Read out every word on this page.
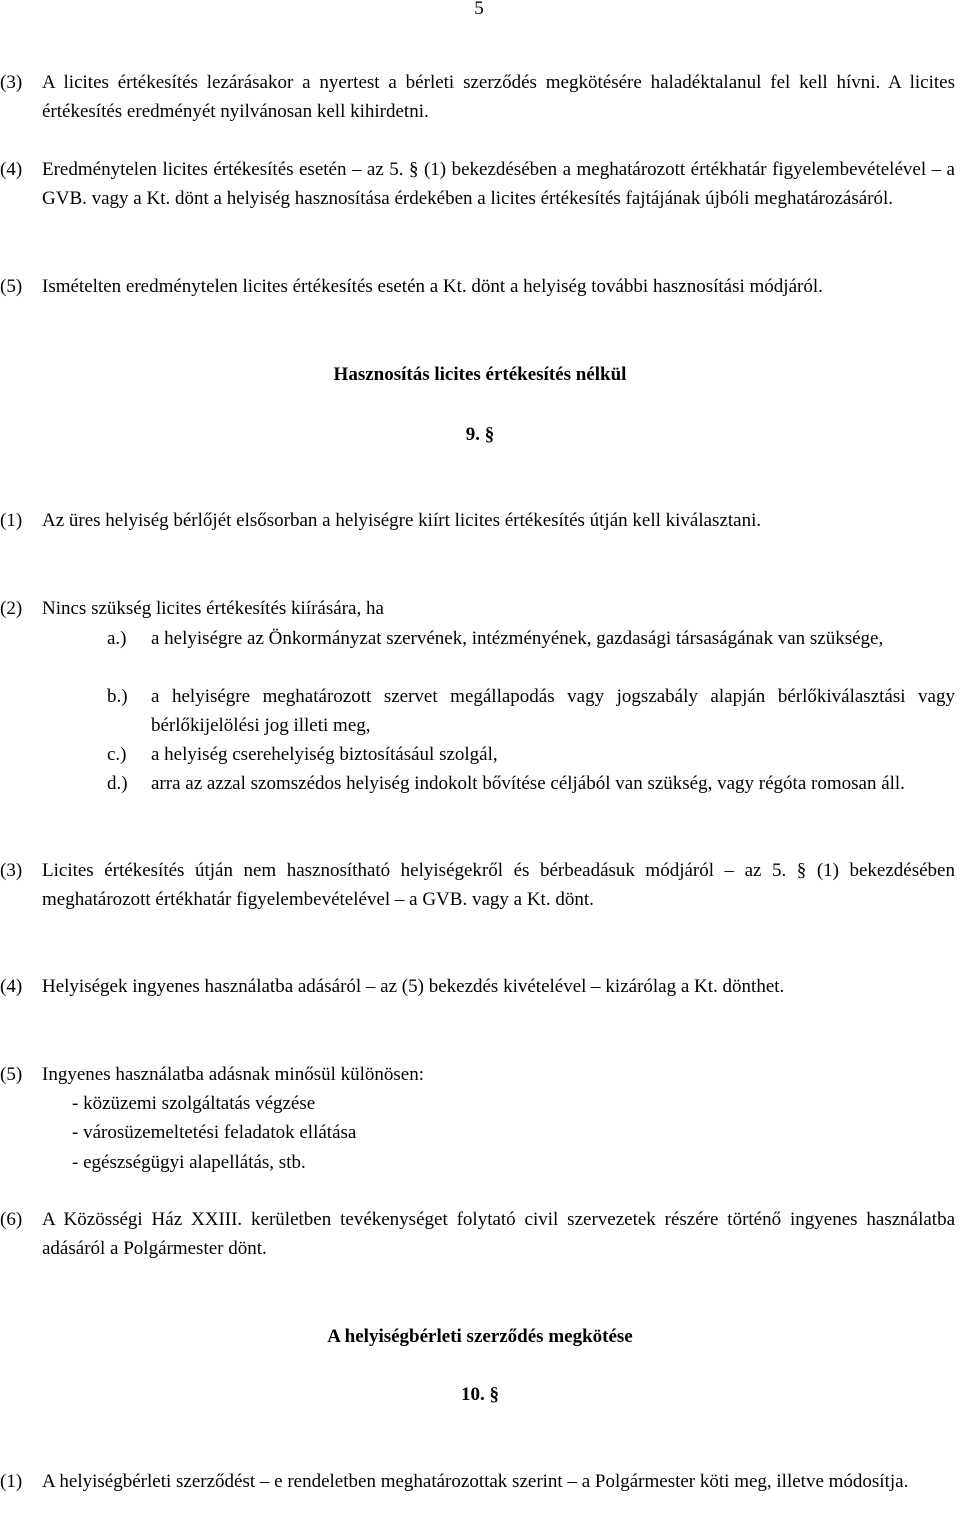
5
(3)	A licites értékesítés lezárásakor a nyertest a bérleti szerződés megkötésére haladéktalanul fel kell hívni. A licites értékesítés eredményét nyilvánosan kell kihirdetni.
(4)	Eredménytelen licites értékesítés esetén – az 5. § (1) bekezdésében a meghatározott értékhatár figyelembevételével – a GVB. vagy a Kt. dönt a helyiség hasznosítása érdekében a licites értékesítés fajtájának újbóli meghatározásáról.
(5)	Ismételten eredménytelen licites értékesítés esetén a Kt. dönt a helyiség további hasznosítási módjáról.
Hasznosítás licites értékesítés nélkül
9. §
(1)	Az üres helyiség bérlőjét elsősorban a helyiségre kiírt licites értékesítés útján kell kiválasztani.
(2)	Nincs szükség licites értékesítés kiírására, ha
a.)	a helyiségre az Önkormányzat szervének, intézményének, gazdasági társaságának van szüksége,
b.)	a helyiségre meghatározott szervet megállapodás vagy jogszabály alapján bérlőkiválasztási vagy bérlőkijelölési jog illeti meg,
c.)	a helyiség cserehelyiség biztosításául szolgál,
d.)	arra az azzal szomszédos helyiség indokolt bővítése céljából van szükség, vagy régóta romosan áll.
(3)	Licites értékesítés útján nem hasznosítható helyiségekről és bérbeadásuk módjáról – az 5. § (1) bekezdésében meghatározott értékhatár figyelembevételével – a GVB. vagy a Kt. dönt.
(4)	Helyiségek ingyenes használatba adásáról – az (5) bekezdés kivételével – kizárólag a Kt. dönthet.
(5)	Ingyenes használatba adásnak minősül különösen:
- közüzemi szolgáltatás végzése
- városüzemeltetési feladatok ellátása
- egészségügyi alapellátás, stb.
(6)	A Közösségi Ház XXIII. kerületben tevékenységet folytató civil szervezetek részére történő ingyenes használatba adásáról a Polgármester dönt.
A helyiségbérleti szerződés megkötése
10. §
(1)	A helyiségbérleti szerződést – e rendeletben meghatározottak szerint – a Polgármester köti meg, illetve módosítja.
